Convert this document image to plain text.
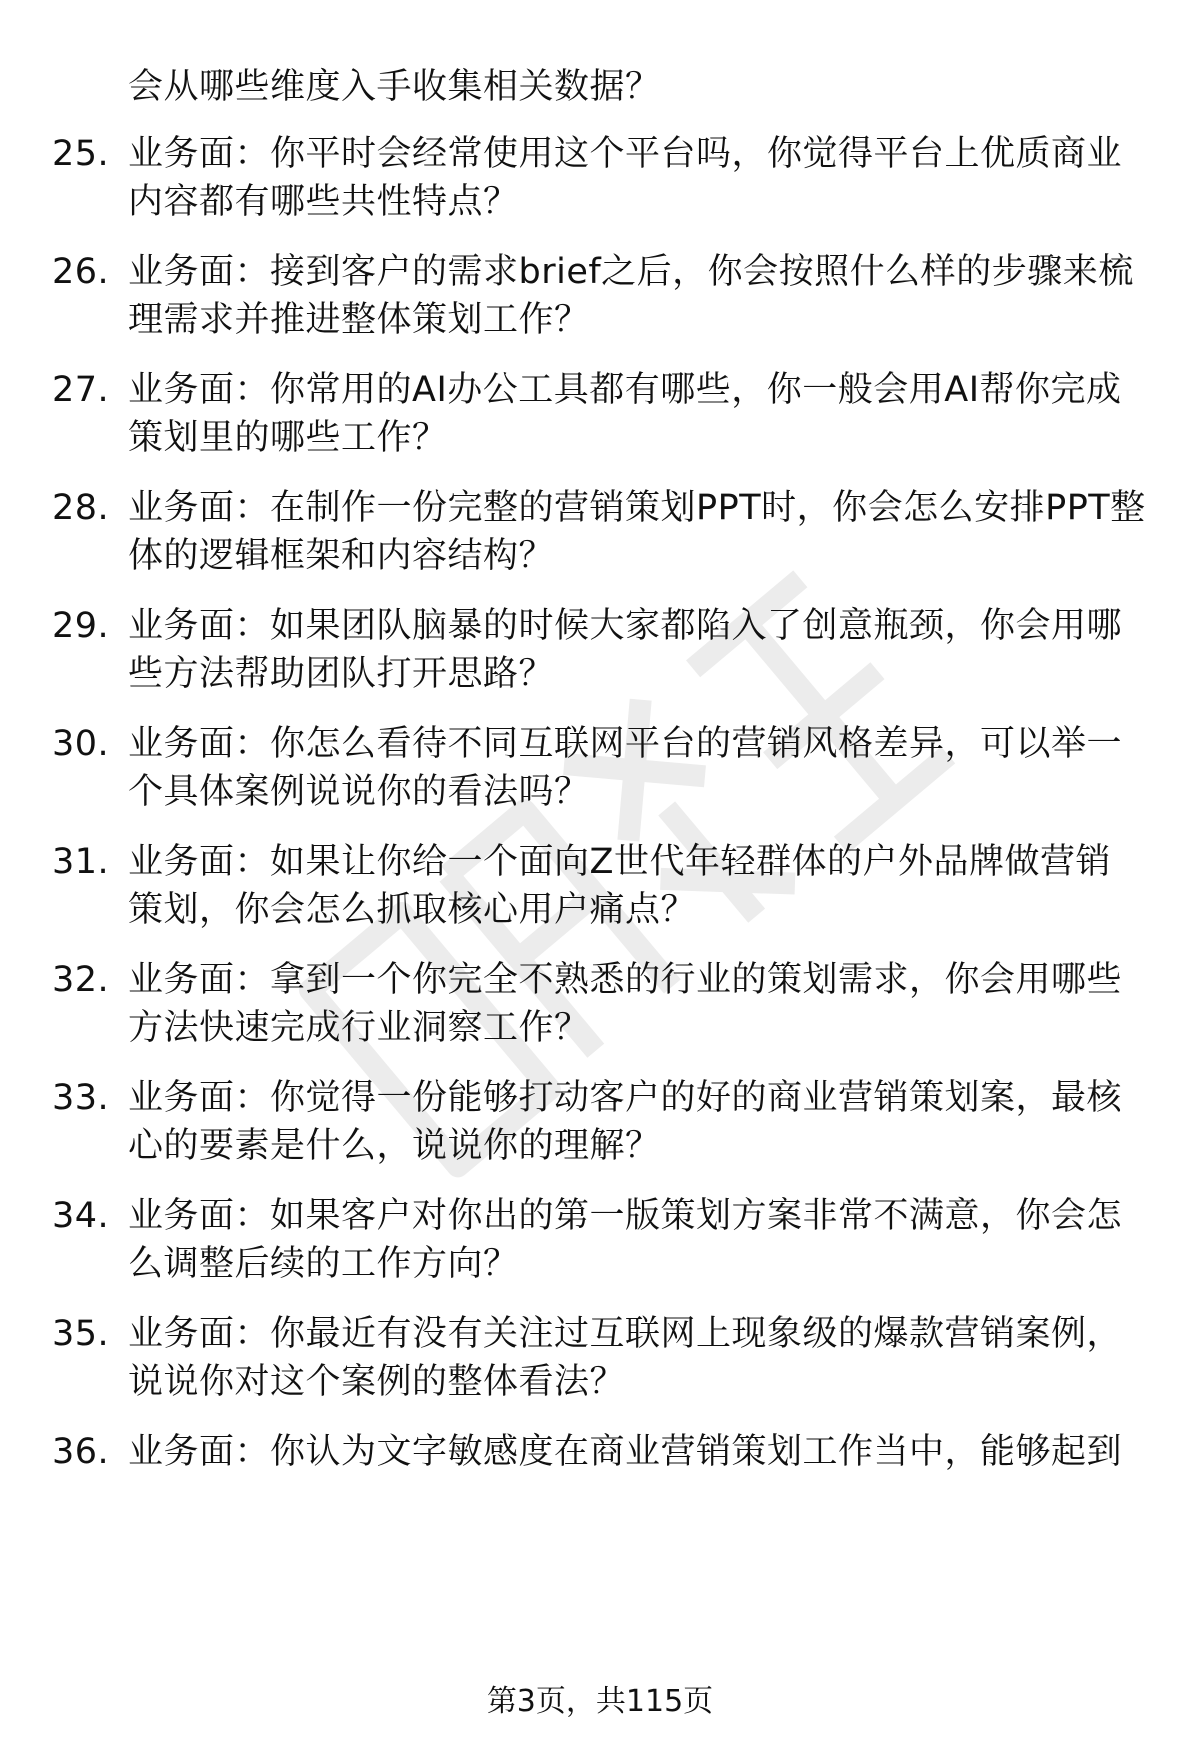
会从哪些维度入手收集相关数据？
25. 业务面：你平时会经常使用这个平台吗，你觉得平台上优质商业
内容都有哪些共性特点？
26. 业务面：接到客户的需求brief之后，你会按照什么样的步骤来梳
理需求并推进整体策划工作？
27. 业务面：你常用的AI办公工具都有哪些，你一般会用AI帮你完成
策划里的哪些工作？
28. 业务面：在制作一份完整的营销策划PPT时，你会怎么安排PPT整
体的逻辑框架和内容结构？
29. 业务面：如果团队脑暴的时候大家都陷入了创意瓶颈，你会用哪
些方法帮助团队打开思路？
30. 业务面：你怎么看待不同互联网平台的营销风格差异，可以举一
个具体案例说说你的看法吗？
31. 业务面：如果让你给一个面向Z世代年轻群体的户外品牌做营销
策划，你会怎么抓取核心用户痛点？
32. 业务面：拿到一个你完全不熟悉的行业的策划需求，你会用哪些
方法快速完成行业洞察工作？
33. 业务面：你觉得一份能够打动客户的好的商业营销策划案，最核
心的要素是什么，说说你的理解？
34. 业务面：如果客户对你出的第一版策划方案非常不满意，你会怎
么调整后续的工作方向？
35. 业务面：你最近有没有关注过互联网上现象级的爆款营销案例，
说说你对这个案例的整体看法？
36. 业务面：你认为文字敏感度在商业营销策划工作当中，能够起到
第3页，共115页
